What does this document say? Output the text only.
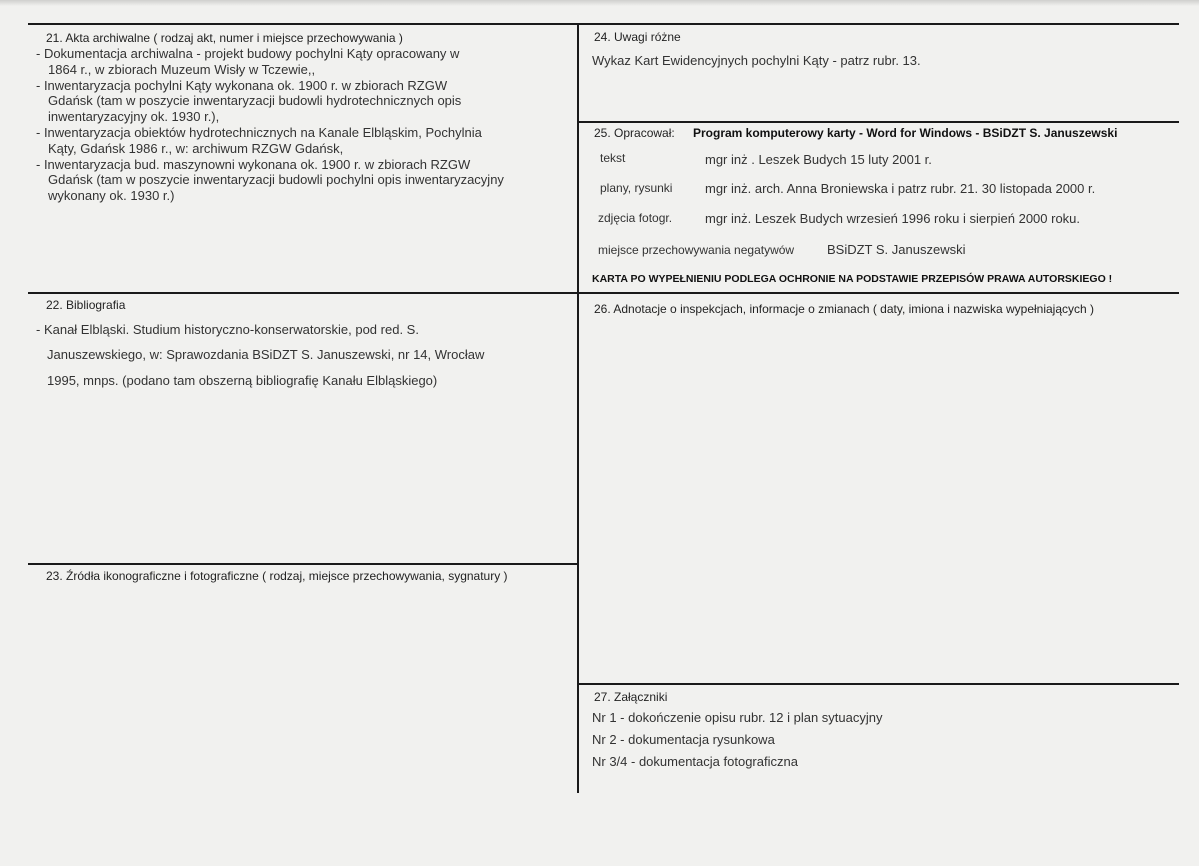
21. Akta archiwalne ( rodzaj akt, numer i miejsce przechowywania )
- Dokumentacja archiwalna - projekt budowy pochylni Kąty opracowany w
1864 r., w zbiorach Muzeum Wisły w Tczewie,,
- Inwentaryzacja pochylni Kąty wykonana ok. 1900 r. w zbiorach RZGW
Gdańsk (tam w poszycie inwentaryzacji budowli hydrotechnicznych opis
inwentaryzacyjny ok. 1930 r.),
- Inwentaryzacja obiektów hydrotechnicznych na Kanale Elbląskim, Pochylnia
Kąty, Gdańsk 1986 r., w: archiwum RZGW Gdańsk,
- Inwentaryzacja bud. maszynowni wykonana ok. 1900 r. w zbiorach RZGW
Gdańsk (tam w poszycie inwentaryzacji budowli pochylni opis inwentaryzacyjny
wykonany ok. 1930 r.)
22. Bibliografia
- Kanał Elbląski. Studium historyczno-konserwatorskie, pod red. S.
Januszewskiego, w: Sprawozdania BSiDZT S. Januszewski, nr 14, Wrocław
1995, mnps. (podano tam obszerną bibliografię Kanału Elbląskiego)
23. Źródła ikonograficzne i fotograficzne ( rodzaj, miejsce przechowywania, sygnatury )
24. Uwagi różne
Wykaz Kart Ewidencyjnych pochylni Kąty - patrz rubr. 13.
25. Opracował: Program komputerowy karty - Word for Windows - BSiDZT S. Januszewski
tekst	mgr inż . Leszek Budych 15 luty 2001 r.
plany, rysunki	mgr inż. arch. Anna Broniewska i patrz rubr. 21. 30 listopada 2000 r.
zdjęcia fotogr.	mgr inż. Leszek Budych wrzesień 1996 roku i sierpień 2000 roku.
miejsce przechowywania negatywów	BSiDZT S. Januszewski
KARTA PO WYPEŁNIENIU PODLEGA OCHRONIE NA PODSTAWIE PRZEPISÓW PRAWA AUTORSKIEGO !
26. Adnotacje o inspekcjach, informacje o zmianach ( daty, imiona i nazwiska wypełniających )
27. Załączniki
Nr 1 - dokończenie opisu rubr. 12 i plan sytuacyjny
Nr 2 - dokumentacja rysunkowa
Nr 3/4 - dokumentacja fotograficzna
